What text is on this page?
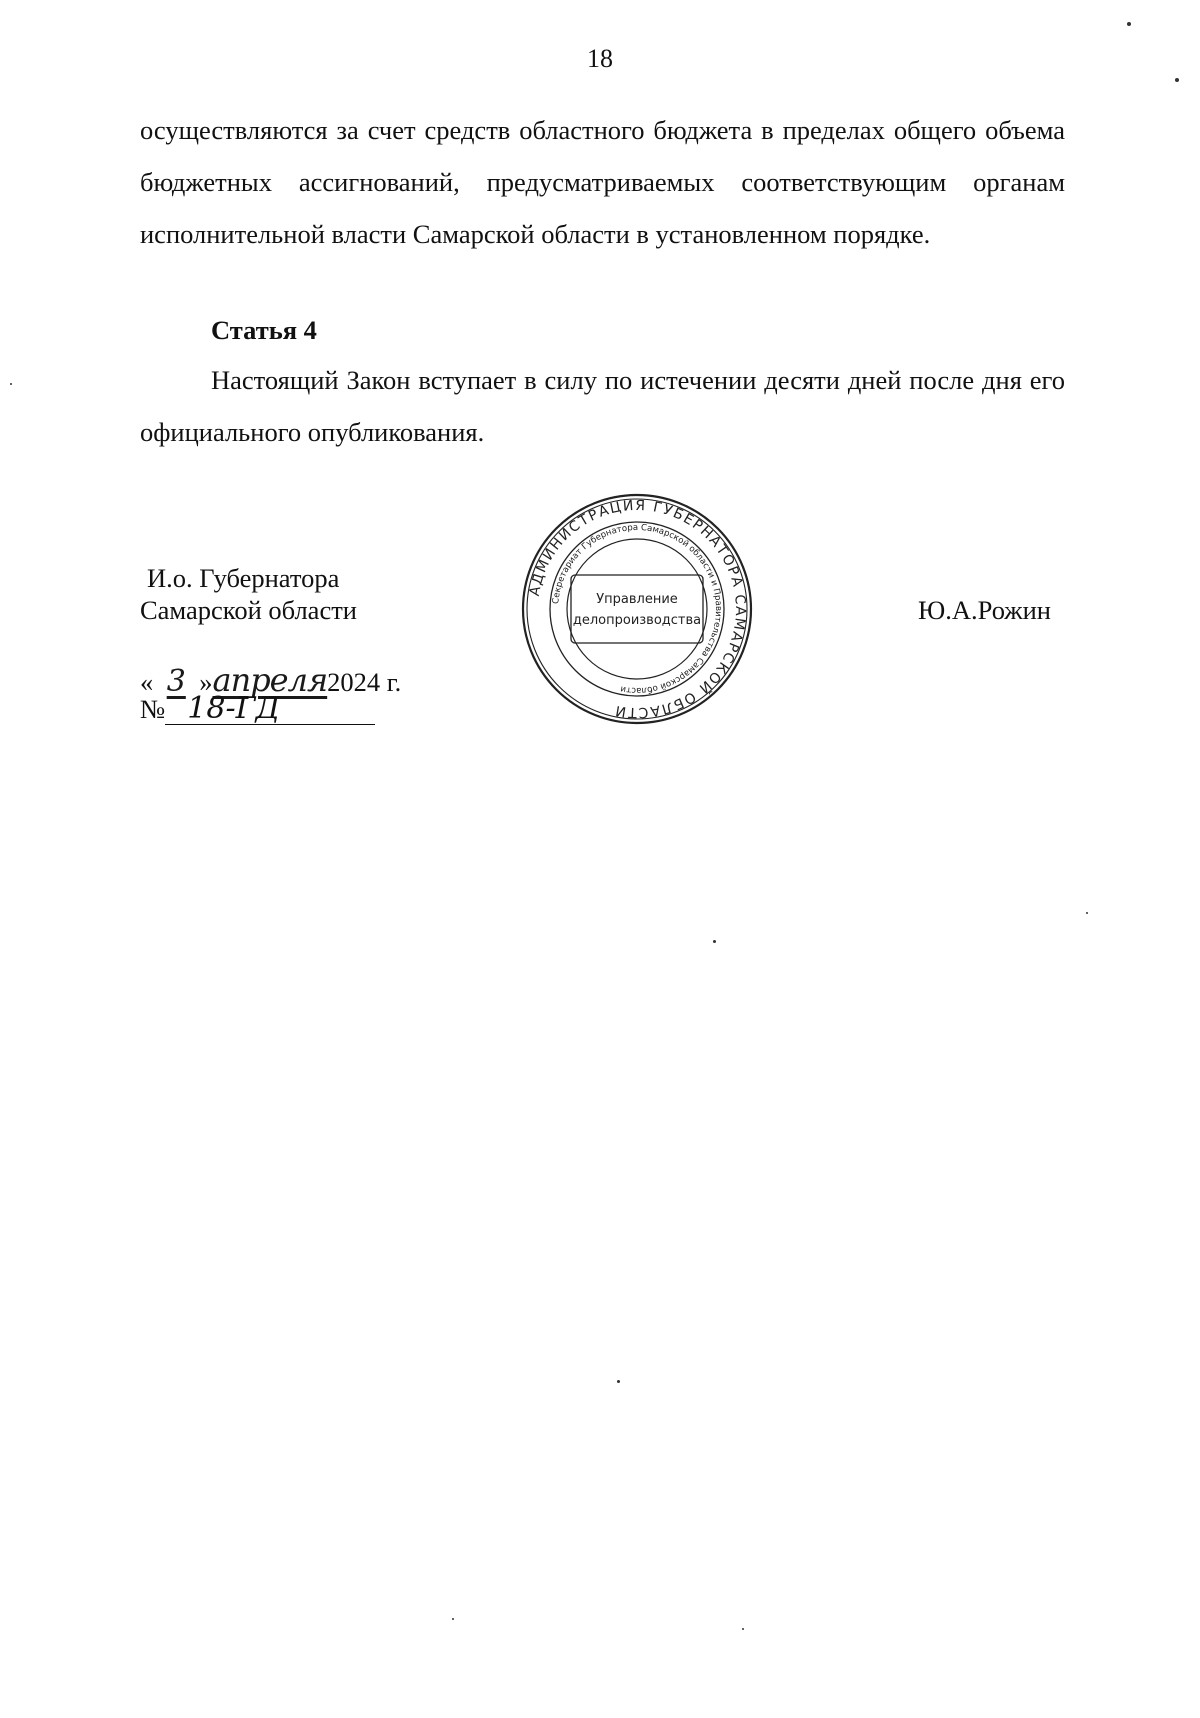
18
осуществляются за счет средств областного бюджета в пределах общего объема бюджетных ассигнований, предусматриваемых соответствующим органам исполнительной власти Самарской области в установленном порядке.
Статья 4
Настоящий Закон вступает в силу по истечении десяти дней после дня его официального опубликования.
И.о. Губернатора
Самарской области	Ю.А.Рожин
« 3 »апреля2024 г.
№ 18-ГД
АДМИНИСТРАЦИЯ ГУБЕРНАТОРА САМАРСКОЙ ОБЛАСТИ
Секретариат Губернатора Самарской области и Правительства Самарской области
Управление
делопроизводства
